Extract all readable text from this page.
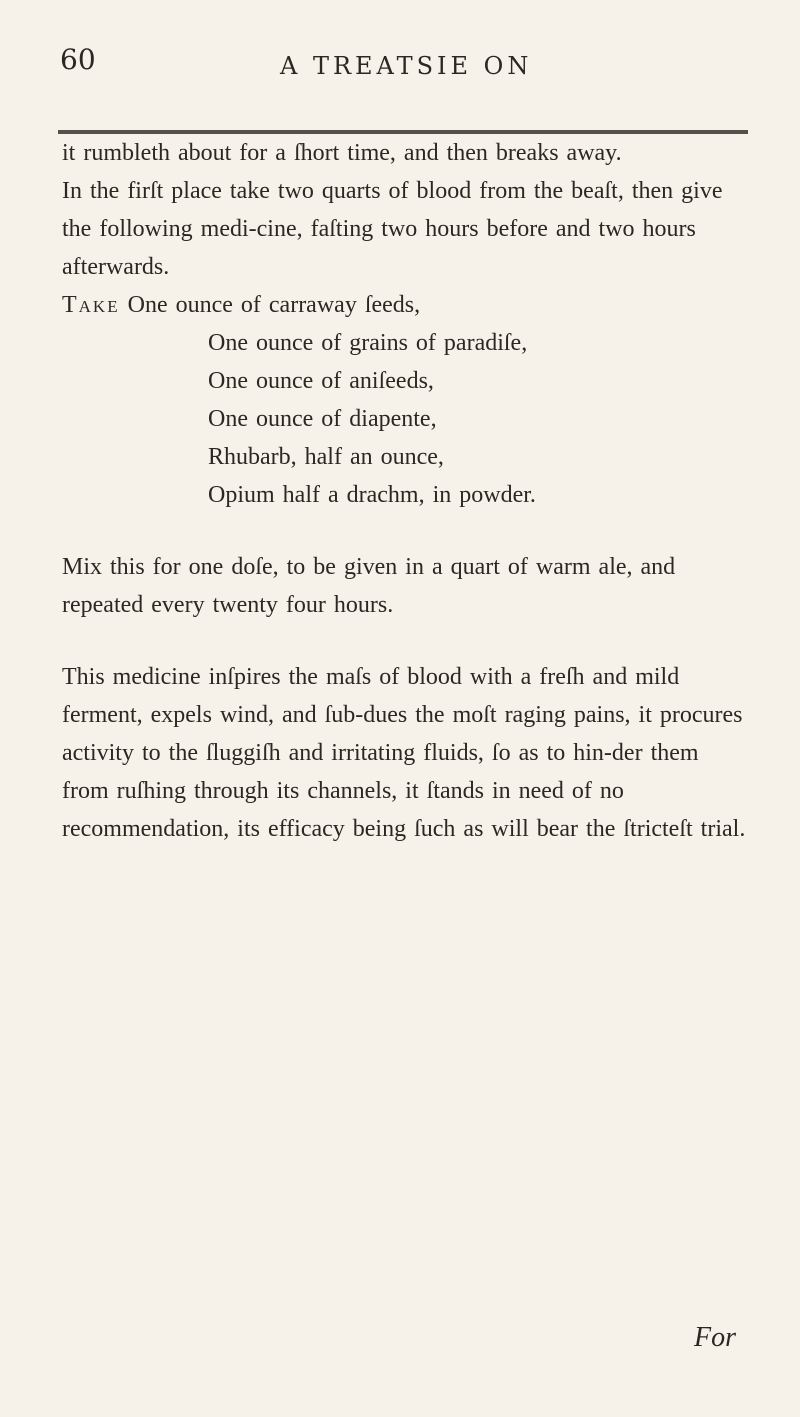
60	A TREATSIE ON

it rumbleth about for a ſhort time, and then breaks away.

In the firſt place take two quarts of blood from the beaſt, then give the following medi-cine, faſting two hours before and two hours afterwards.

Take One ounce of carraway ſeeds,
One ounce of grains of paradiſe,
One ounce of aniſeeds,
One ounce of diapente,
Rhubarb, half an ounce,
Opium half a drachm, in powder.

Mix this for one doſe, to be given in a quart of warm ale, and repeated every twenty four hours.

This medicine inſpires the maſs of blood with a freſh and mild ferment, expels wind, and ſub-dues the moſt raging pains, it procures activity to the ſluggiſh and irritating fluids, ſo as to hin-der them from ruſhing through its channels, it ſtands in need of no recommendation, its efficacy being ſuch as will bear the ſtricteſt trial.

For
